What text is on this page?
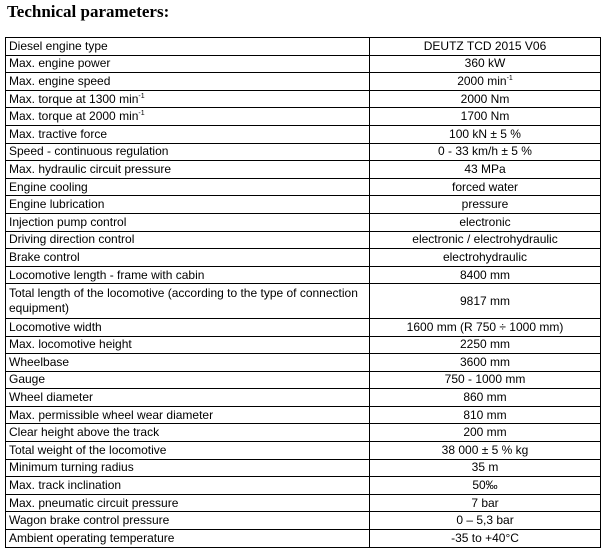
Technical parameters:
Diesel engine type	DEUTZ TCD 2015 V06
Max. engine power	360 kW
Max. engine speed	2000 $\min^{-1}$
Max. torque at 1300 $\min^{-1}$	2000 Nm
Max. torque at 2000 $\min^{-1}$	1700 Nm
Max. tractive force	100 kN ± 5 %
Speed - continuous regulation	0 - 33 km/h ± 5 %
Max. hydraulic circuit pressure	43 MPa
Engine cooling	forced water
Engine lubrication	pressure
Injection pump control	electronic
Driving direction control	electronic / electrohydraulic
Brake control	electrohydraulic
Locomotive length - frame with cabin	8400 mm
Total length of the locomotive (according to the type of connection equipment)	9817 mm
Locomotive width	1600 mm (R 750 ÷ 1000 mm)
Max. locomotive height	2250 mm
Wheelbase	3600 mm
Gauge	750 - 1000 mm
Wheel diameter	860 mm
Max. permissible wheel wear diameter	810 mm
Clear height above the track	200 mm
Total weight of the locomotive	38 000 ± 5 % kg
Minimum turning radius	35 m
Max. track inclination	50‰
Max. pneumatic circuit pressure	7 bar
Wagon brake control pressure	0 – 5,3 bar
Ambient operating temperature	-35 to +40°C
